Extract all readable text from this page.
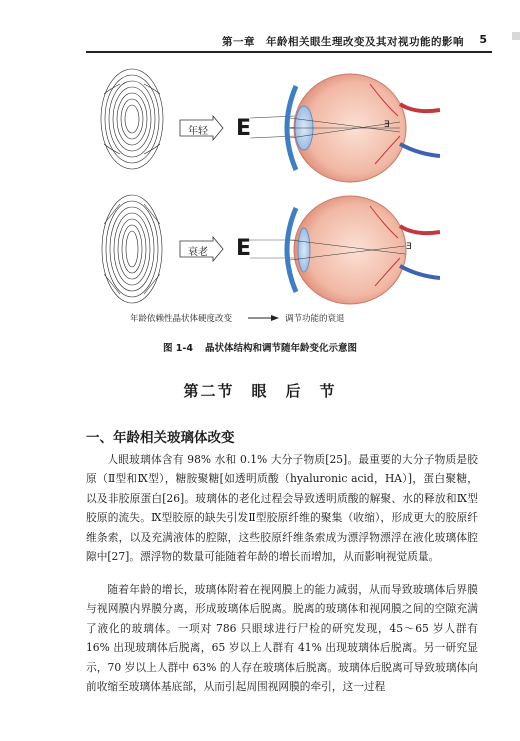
第一章　年龄相关眼生理改变及其对视功能的影响 5
年轻
衰老
E
E
E
E
年龄依赖性晶状体硬度改变	调节功能的衰退
图 1-4 晶状体结构和调节随年龄变化示意图
第二节　眼　后　节
一、年龄相关玻璃体改变

人眼玻璃体含有 98% 水和 0.1% 大分子物质[25]。最重要的大分子物质是胶原（Ⅱ型和Ⅸ型），糖胺聚糖[如透明质酸（hyaluronic acid，HA）]，蛋白聚糖，以及非胶原蛋白[26]。玻璃体的老化过程会导致透明质酸的解聚、水的释放和Ⅸ型胶原的流失。Ⅸ型胶原的缺失引发Ⅱ型胶原纤维的聚集（收缩），形成更大的胶原纤维条索，以及充满液体的腔隙，这些胶原纤维条索成为漂浮物漂浮在液化玻璃体腔隙中[27]。漂浮物的数量可能随着年龄的增长而增加，从而影响视觉质量。

随着年龄的增长，玻璃体附着在视网膜上的能力减弱，从而导致玻璃体后界膜与视网膜内界膜分离，形成玻璃体后脱离。脱离的玻璃体和视网膜之间的空隙充满了液化的玻璃体。一项对 786 只眼球进行尸检的研究发现，45～65 岁人群有 16% 出现玻璃体后脱离，65 岁以上人群有 41% 出现玻璃体后脱离。另一研究显示，70 岁以上人群中 63% 的人存在玻璃体后脱离。玻璃体后脱离可导致玻璃体向前收缩至玻璃体基底部，从而引起周围视网膜的牵引，这一过程
